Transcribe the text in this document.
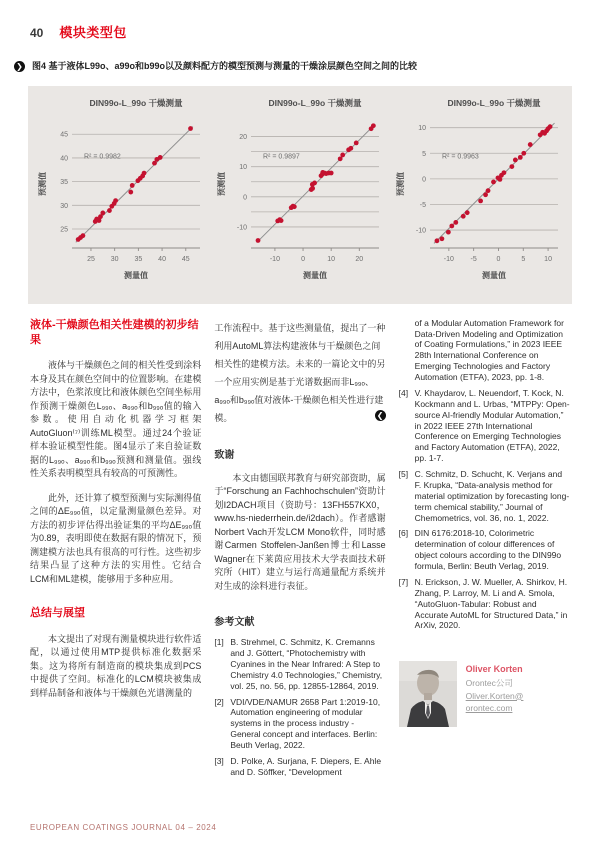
40 模块类型包
❯ 图4 基于液体L99o、a99o和b99o以及颜料配方的模型预测与测量的干燥涂层颜色空间之间的比较
DIN99o-L_99o 干燥测量
25
30
35
40
45
25 30 35 40 45
测量值
预测值
R² = 0.9982
DIN99o-L_99o 干燥测量
-10
0
10
20
-10	0	10	20
测量值
预测值
R² = 0.9897
DIN99o-L_99o 干燥测量
-10
-5
0
5
10
-10 -5	0	5	10
测量值
预测值
R² = 0.9963
液体-干燥颜色相关性建模的初步结果

液体与干燥颜色之间的相关性受到涂料本身及其在颜色空间中的位置影响。在建模方法中，色浆浓度比和液体颜色空间坐标用作预测干燥颜色L₉₉ₒ、a₉₉ₒ和b₉₉ₒ值的输入参数。使用自动化机器学习框架AutoGluon⁽⁷⁾训练ML模型。通过24个验证样本验证模型性能。图4显示了来自验证数据的L₉₉ₒ、a₉₉ₒ和b₉₉ₒ预测和测量值。强线性关系表明模型具有较高的可预测性。

此外，还计算了模型预测与实际测得值之间的ΔE₉₉ₒ值，以定量测量颜色差异。对方法的初步评估得出验证集的平均ΔE₉₉ₒ值为0.89，表明即使在数据有限的情况下，预测建模方法也具有很高的可行性。这些初步结果凸显了这种方法的实用性。它结合LCM和ML建模，能够用于多种应用。

总结与展望

本文提出了对现有测量模块进行软件适配，以通过使用MTP提供标准化数据采集。这为将所有制造商的模块集成到PCS中提供了空间。标准化的LCM模块被集成到样品制备和液体与干燥颜色光谱测量的

工作流程中。基于这些测量值，提出了一种利用AutoML算法构建液体与干燥颜色之间相关性的建模方法。未来的一篇论文中的另一个应用实例是基于光谱数据而非L₉₉ₒ、a₉₉ₒ和b₉₉ₒ值对液体-干燥颜色相关性进行建模。	❮
致谢

本文由德国联邦教育与研究部资助，属于“Forschung an Fachhochschulen”资助计划I2DACH项目（资助号：13FH557KX0，www.hs-niederrhein.de/i2dach）。作者感谢Norbert Vach开发LCM Mono软件，同时感谢Carmen Stoffelen-Janßen博士和Lasse Wagner在下莱茵应用技术大学表面技术研究所（HIT）建立与运行高通量配方系统并对生成的涂料进行表征。

参考文献
[1] B. Strehmel, C. Schmitz, K. Cremanns and J. Göttert, “Photochemistry with Cyanines in the Near Infrared: A Step to Chemistry 4.0 Technologies,” Chemistry, vol. 25, no. 56, pp. 12855-12864, 2019.
[2] VDI/VDE/NAMUR 2658 Part 1:2019-10, Automation engineering of modular systems in the process industry - General concept and interfaces. Berlin: Beuth Verlag, 2022.
[3] D. Polke, A. Surjana, F. Diepers, E. Ahle and D. Söffker, “Development
of a Modular Automation Framework for Data-Driven Modeling and Optimization of Coating Formulations,” in 2023 IEEE 28th International Conference on Emerging Technologies and Factory Automation (ETFA), 2023, pp. 1-8.
[4] V. Khaydarov, L. Neuendorf, T. Kock, N. Kockmann and L. Urbas, “MTPPy: Open-source AI-friendly Modular Automation,” in 2022 IEEE 27th International Conference on Emerging Technologies and Factory Automation (ETFA), 2022, pp. 1-7.
[5] C. Schmitz, D. Schucht, K. Verjans and F. Krupka, “Data-analysis method for material optimization by forecasting long-term chemical stability,” Journal of Chemometrics, vol. 36, no. 1, 2022.
[6] DIN 6176:2018-10, Colorimetric determination of colour differences of object colours according to the DIN99o formula, Berlin: Beuth Verlag, 2019.
[7] N. Erickson, J. W. Mueller, A. Shirkov, H. Zhang, P. Larroy, M. Li and A. Smola, “AutoGluon-Tabular: Robust and Accurate AutoML for Structured Data,” in ArXiv, 2020.
Oliver Korten
Orontec公司
Oliver.Korten@
orontec.com
EUROPEAN COATINGS JOURNAL 04 – 2024
